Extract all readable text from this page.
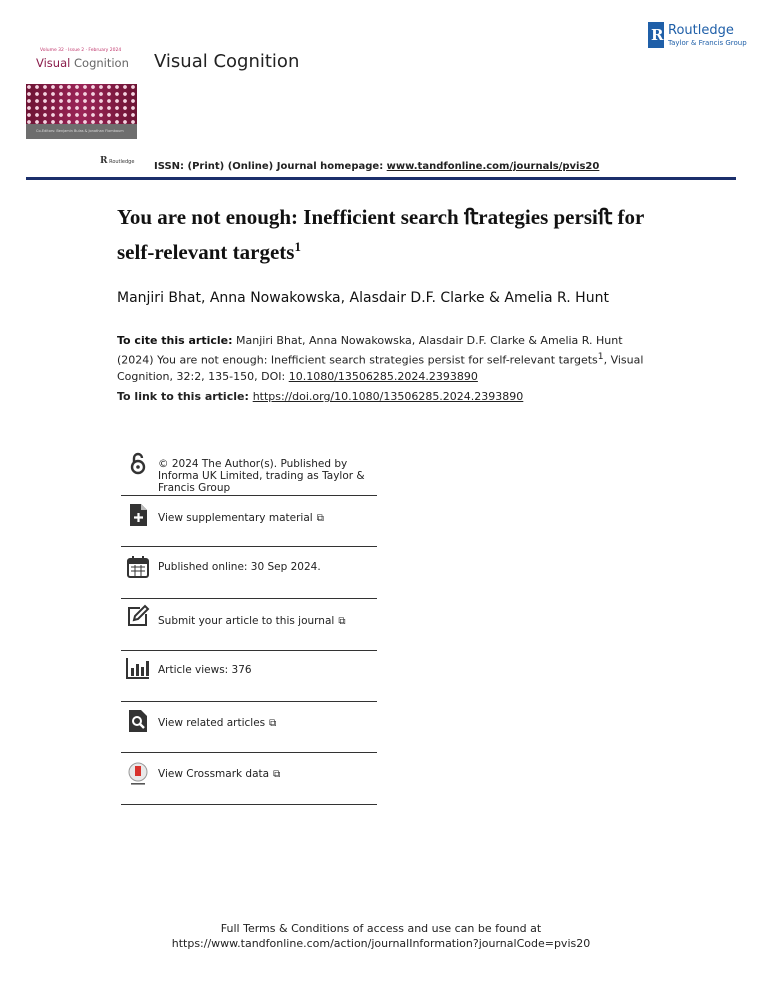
Volume 32 · Issue 2 · February 2024
Visual Cognition
Co-Editors: Benjamin Bulas & Jonathan Flombaum
Visual Cognition
R Routledge
Taylor & Francis Group
R Routledge ISSN: (Print) (Online) Journal homepage: www.tandfonline.com/journals/pvis20
You are not enough: Inefficient search ﬅrategies persiﬅ for self-relevant targets$^1$
Manjiri Bhat, Anna Nowakowska, Alasdair D.F. Clarke & Amelia R. Hunt
To cite this article: Manjiri Bhat, Anna Nowakowska, Alasdair D.F. Clarke & Amelia R. Hunt (2024) You are not enough: Inefficient search strategies persist for self-relevant targets$^1$, Visual Cognition, 32:2, 135-150, DOI: 10.1080/13506285.2024.2393890
To link to this article: https://doi.org/10.1080/13506285.2024.2393890
© 2024 The Author(s). Published by Informa UK Limited, trading as Taylor & Francis Group
View supplementary material ⧉
Published online: 30 Sep 2024.
Submit your article to this journal ⧉
Article views: 376
View related articles ⧉
View Crossmark data ⧉
Full Terms & Conditions of access and use can be found at
https://www.tandfonline.com/action/journalInformation?journalCode=pvis20
